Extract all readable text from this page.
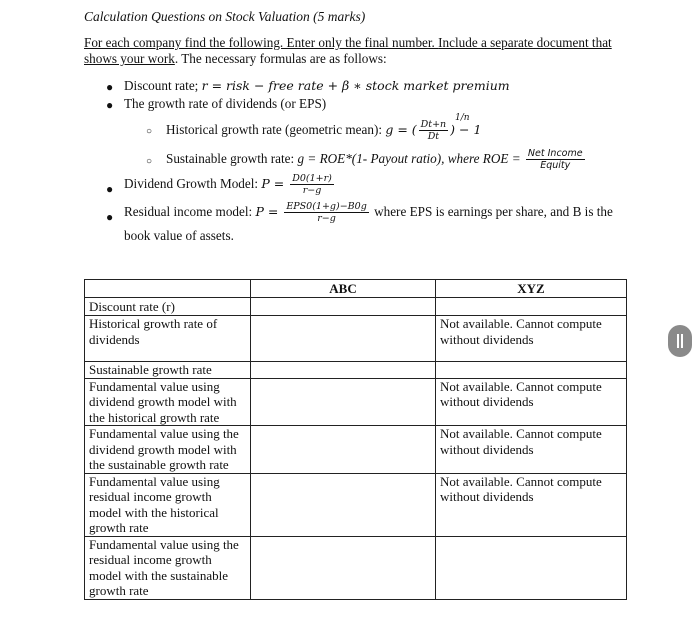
Calculation Questions on Stock Valuation (5 marks)
For each company find the following. Enter only the final number. Include a separate document that shows your work. The necessary formulas are as follows:
● Discount rate; r = risk − free rate + β ∗ stock market premium
● The growth rate of dividends (or EPS)
○ Historical growth rate (geometric mean): g = ( $\frac{Dt+n}{Dt}$ ) − 1
1/n
○ Sustainable growth rate: g = ROE*(1- Payout ratio), where ROE = $\frac{\text{Net Income}}{\text{Equity}}$
● Dividend Growth Model: $P = \frac{D0(1+r)}{r-g}$
● Residual income model: $P = \frac{\text{EPS0(1+g)−B0g}}{r-g}$ where EPS is earnings per share, and B is the
book value of assets.
	ABC	XYZ
Discount rate (r)		
Historical growth rate of dividends		Not available. Cannot compute without dividends
Sustainable growth rate		
Fundamental value using dividend growth model with the historical growth rate		Not available. Cannot compute without dividends
Fundamental value using the dividend growth model with the sustainable growth rate		Not available. Cannot compute without dividends
Fundamental value using residual income growth model with the historical growth rate		Not available. Cannot compute without dividends
Fundamental value using the residual income growth model with the sustainable growth rate		
